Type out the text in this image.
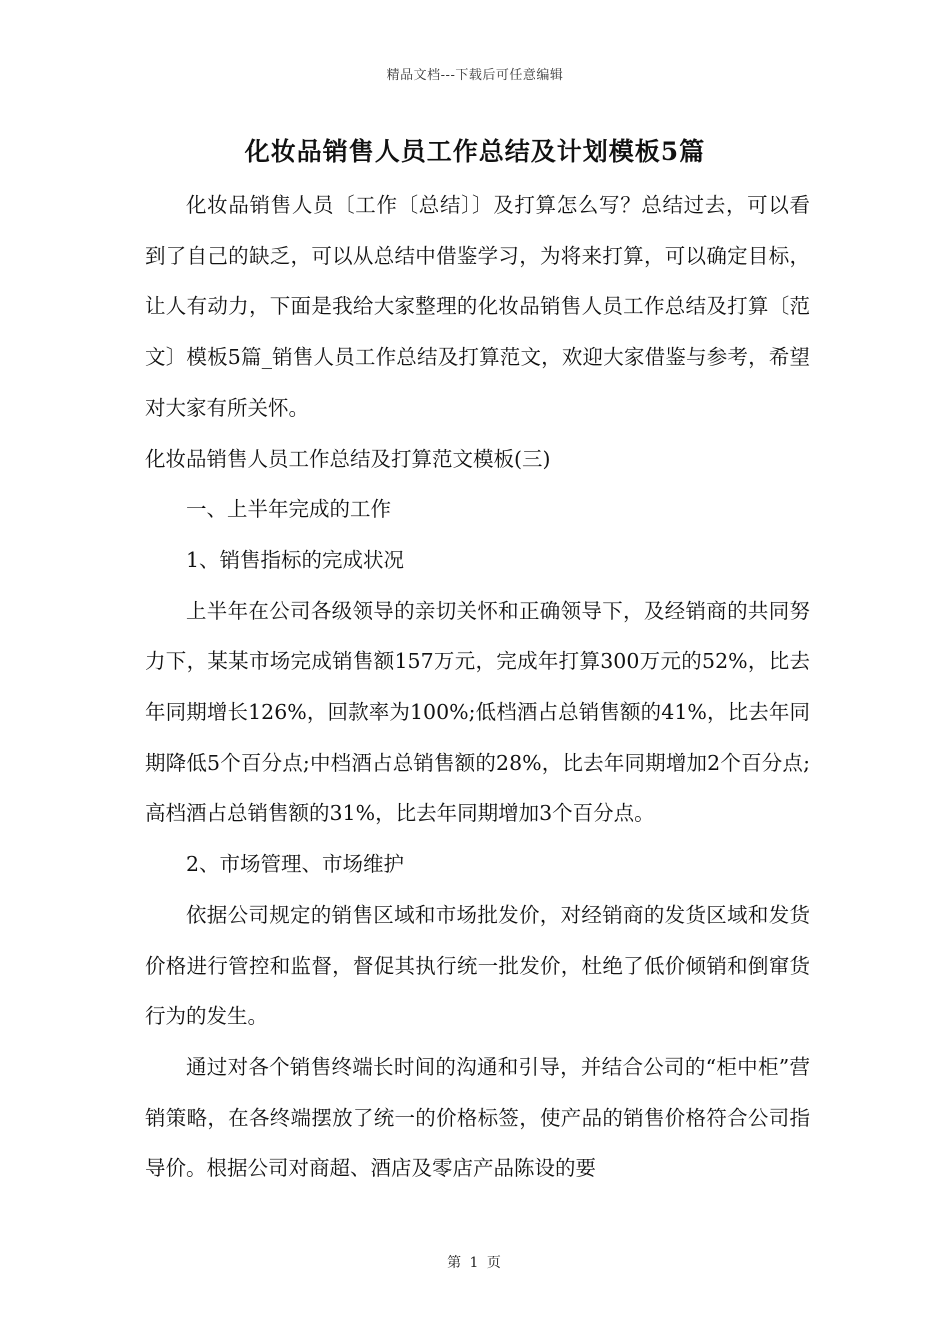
精品文档---下载后可任意编辑
化妆品销售人员工作总结及计划模板5篇

化妆品销售人员〔工作〔总结〕〕及打算怎么写？总结过去，可以看到了自己的缺乏，可以从总结中借鉴学习，为将来打算，可以确定目标，让人有动力，下面是我给大家整理的化妆品销售人员工作总结及打算〔范文〕模板5篇_销售人员工作总结及打算范文，欢迎大家借鉴与参考，希望对大家有所关怀。

化妆品销售人员工作总结及打算范文模板(三)

一、上半年完成的工作

1、销售指标的完成状况

上半年在公司各级领导的亲切关怀和正确领导下，及经销商的共同努力下，某某市场完成销售额157万元，完成年打算300万元的52%，比去年同期增长126%，回款率为100%;低档酒占总销售额的41%，比去年同期降低5个百分点;中档酒占总销售额的28%，比去年同期增加2个百分点;高档酒占总销售额的31%，比去年同期增加3个百分点。

2、市场管理、市场维护

依据公司规定的销售区域和市场批发价，对经销商的发货区域和发货价格进行管控和监督，督促其执行统一批发价，杜绝了低价倾销和倒窜货行为的发生。

通过对各个销售终端长时间的沟通和引导，并结合公司的“柜中柜”营销策略，在各终端摆放了统一的价格标签，使产品的销售价格符合公司指导价。根据公司对商超、酒店及零店产品陈设的要

第 1 页
